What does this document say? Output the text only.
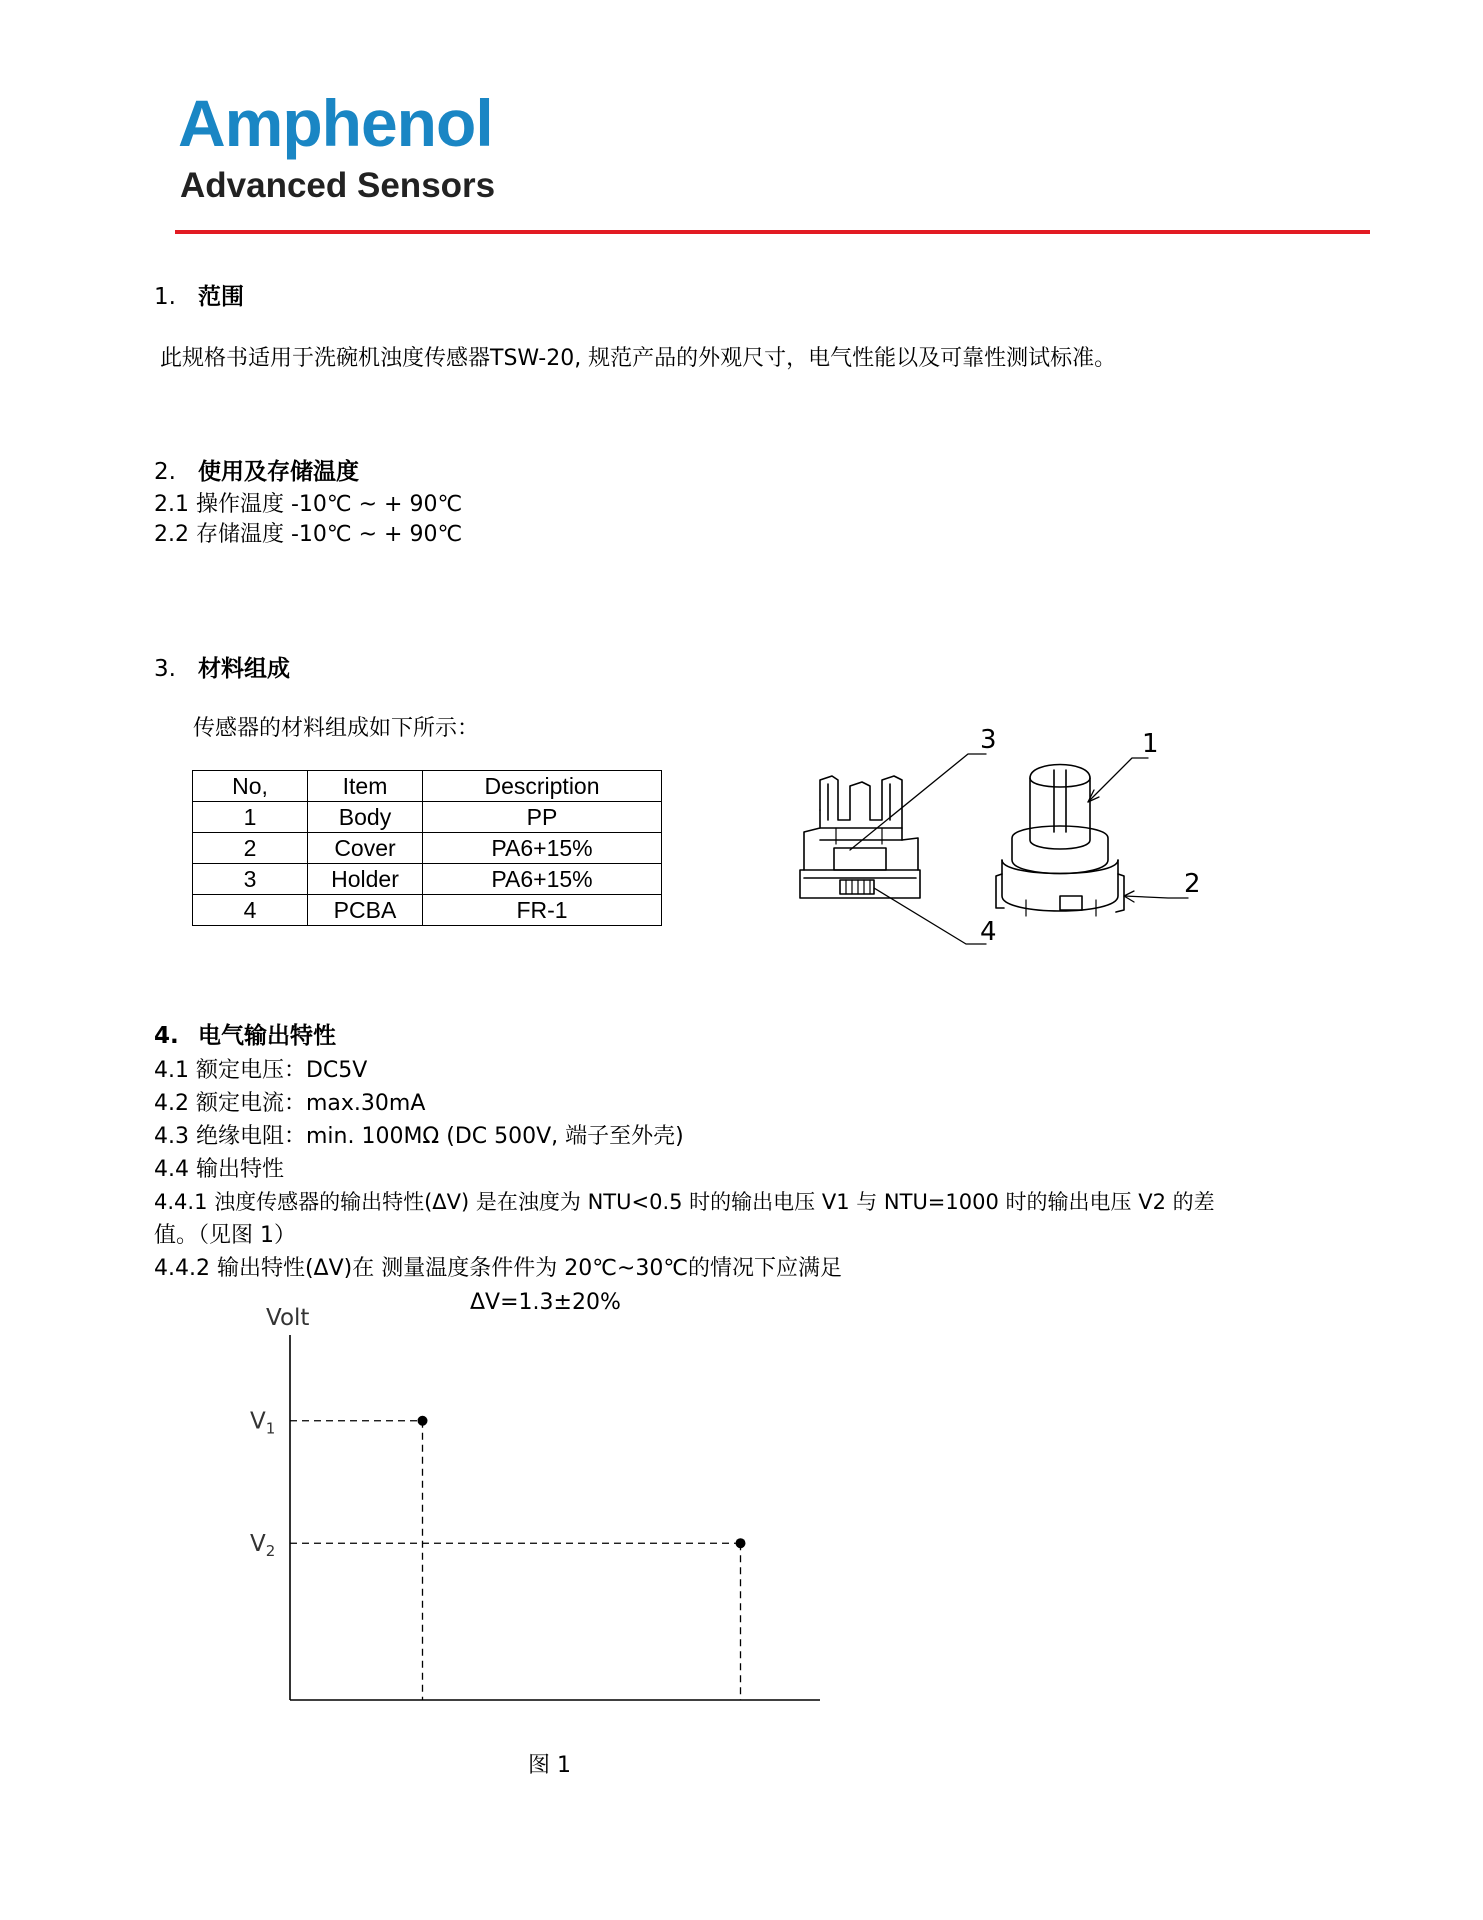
Amphenol
Advanced Sensors
1. 范围
此规格书适用于洗碗机浊度传感器TSW-20, 规范产品的外观尺寸，电气性能以及可靠性测试标准。
2. 使用及存储温度
2.1 操作温度 -10℃ ~ + 90℃
2.2 存储温度 -10℃ ~ + 90℃
3. 材料组成
传感器的材料组成如下所示：
No,	Item	Description
1	Body	PP
2	Cover	PA6+15%
3	Holder	PA6+15%
4	PCBA	FR-1
1
2
3
4
4. 电气输出特性
4.1 额定电压：DC5V
4.2 额定电流：max.30mA
4.3 绝缘电阻：min. 100MΩ (DC 500V, 端子至外壳)
4.4 输出特性
4.4.1 浊度传感器的输出特性(ΔV) 是在浊度为 NTU<0.5 时的输出电压 V1 与 NTU=1000 时的输出电压 V2 的差
值。（见图 1）
4.4.2 输出特性(ΔV)在 测量温度条件件为 20℃~30℃的情况下应满足
ΔV=1.3±20%
Volt
$V_1$
$V_2$
图 1
